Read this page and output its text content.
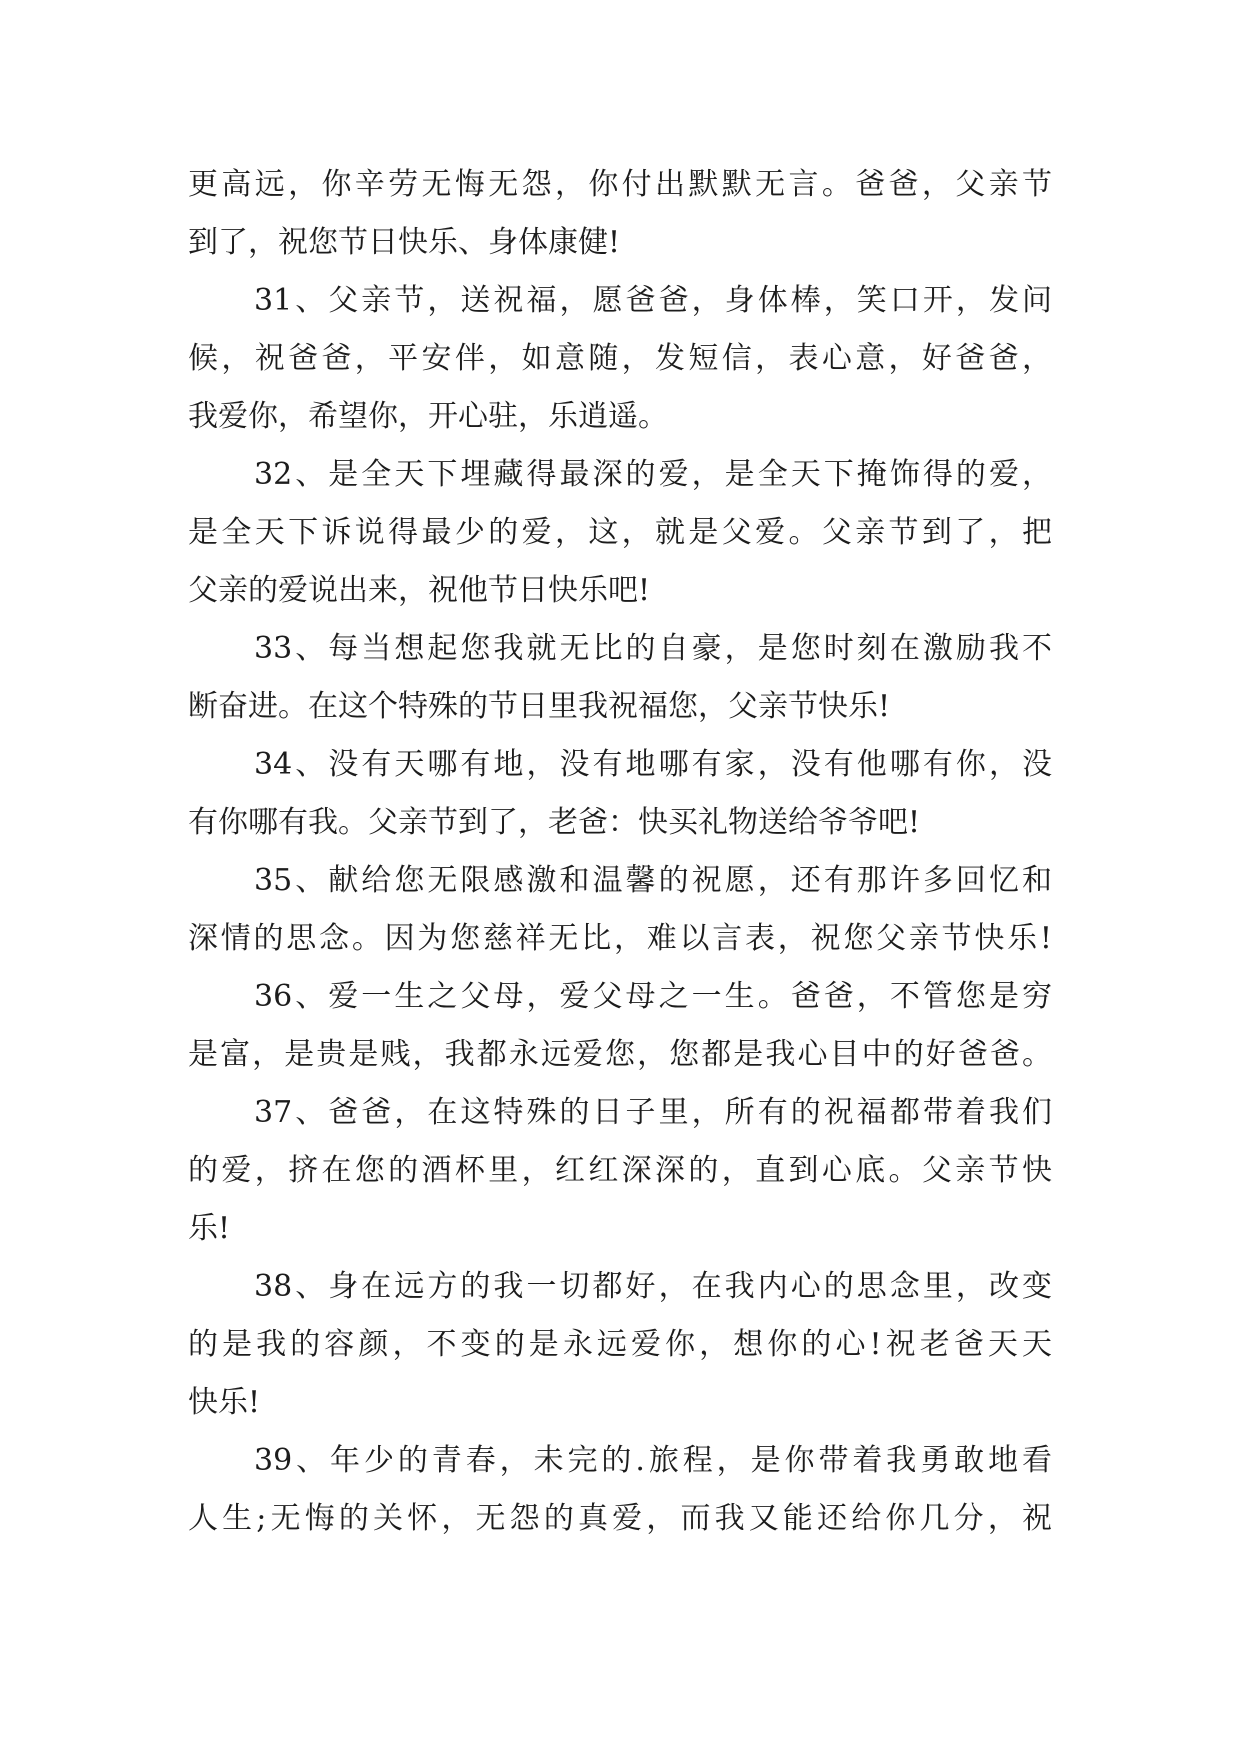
更高远，你辛劳无悔无怨，你付出默默无言。爸爸，父亲节
到了，祝您节日快乐、身体康健!
31、父亲节，送祝福，愿爸爸，身体棒，笑口开，发问
候，祝爸爸，平安伴，如意随，发短信，表心意，好爸爸，
我爱你，希望你，开心驻，乐逍遥。
32、是全天下埋藏得最深的爱，是全天下掩饰得的爱，
是全天下诉说得最少的爱，这，就是父爱。父亲节到了，把
父亲的爱说出来，祝他节日快乐吧!
33、每当想起您我就无比的自豪，是您时刻在激励我不
断奋进。在这个特殊的节日里我祝福您，父亲节快乐!
34、没有天哪有地，没有地哪有家，没有他哪有你，没
有你哪有我。父亲节到了，老爸：快买礼物送给爷爷吧!
35、献给您无限感激和温馨的祝愿，还有那许多回忆和
深情的思念。因为您慈祥无比，难以言表，祝您父亲节快乐!
36、爱一生之父母，爱父母之一生。爸爸，不管您是穷
是富，是贵是贱，我都永远爱您，您都是我心目中的好爸爸。
37、爸爸，在这特殊的日子里，所有的祝福都带着我们
的爱，挤在您的酒杯里，红红深深的，直到心底。父亲节快
乐!
38、身在远方的我一切都好，在我内心的思念里，改变
的是我的容颜，不变的是永远爱你，想你的心!祝老爸天天
快乐!
39、年少的青春，未完的.旅程，是你带着我勇敢地看
人生;无悔的关怀，无怨的真爱，而我又能还给你几分，祝
